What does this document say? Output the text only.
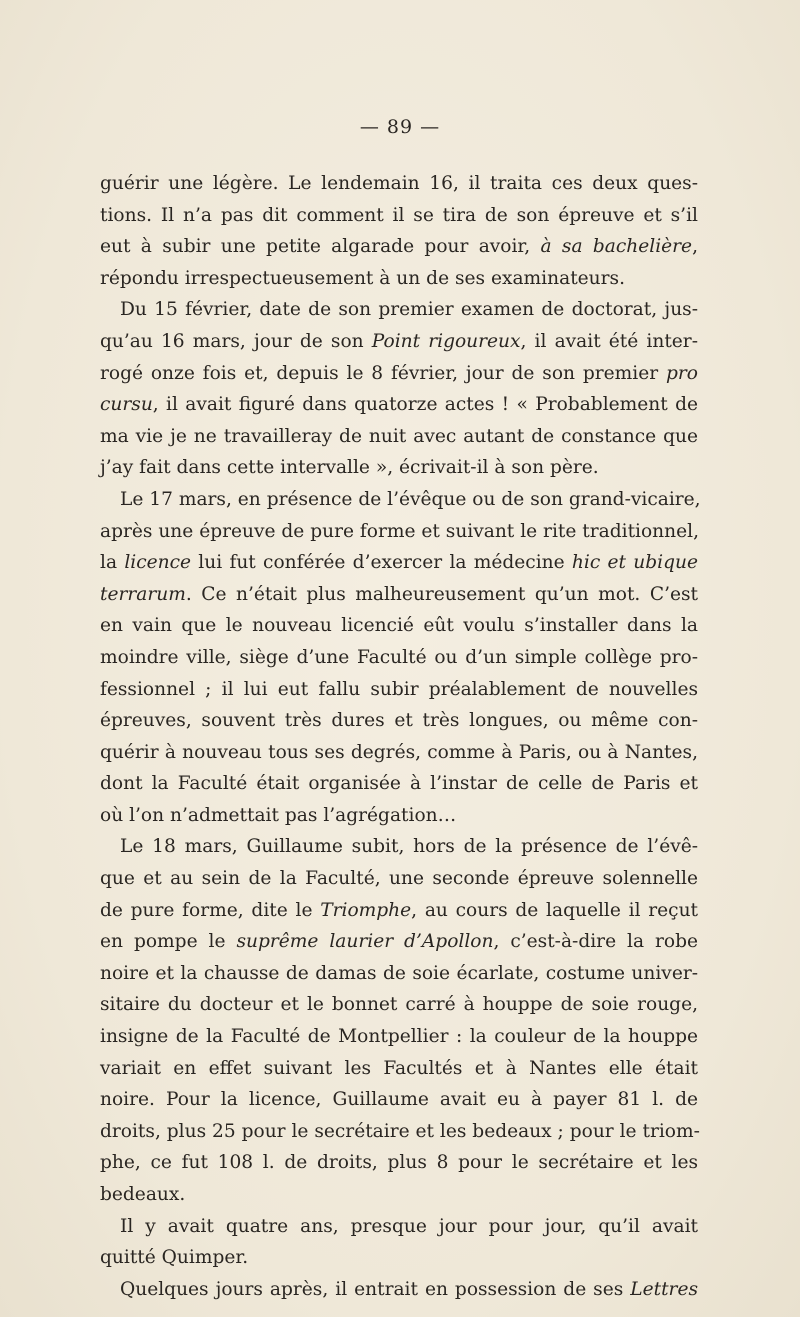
— 89 —
guérir une légère. Le lendemain 16, il traita ces deux ques-
tions. Il n’a pas dit comment il se tira de son épreuve et s’il
eut à subir une petite algarade pour avoir, à sa bachelière,
répondu irrespectueusement à un de ses examinateurs.
Du 15 février, date de son premier examen de doctorat, jus-
qu’au 16 mars, jour de son Point rigoureux, il avait été inter-
rogé onze fois et, depuis le 8 février, jour de son premier pro
cursu, il avait figuré dans quatorze actes ! « Probablement de
ma vie je ne travailleray de nuit avec autant de constance que
j’ay fait dans cette intervalle », écrivait-il à son père.
Le 17 mars, en présence de l’évêque ou de son grand-vicaire,
après une épreuve de pure forme et suivant le rite traditionnel,
la licence lui fut conférée d’exercer la médecine hic et ubique
terrarum. Ce n’était plus malheureusement qu’un mot. C’est
en vain que le nouveau licencié eût voulu s’installer dans la
moindre ville, siège d’une Faculté ou d’un simple collège pro-
fessionnel ; il lui eut fallu subir préalablement de nouvelles
épreuves, souvent très dures et très longues, ou même con-
quérir à nouveau tous ses degrés, comme à Paris, ou à Nantes,
dont la Faculté était organisée à l’instar de celle de Paris et
où l’on n’admettait pas l’agrégation…
Le 18 mars, Guillaume subit, hors de la présence de l’évê-
que et au sein de la Faculté, une seconde épreuve solennelle
de pure forme, dite le Triomphe, au cours de laquelle il reçut
en pompe le suprême laurier d’Apollon, c’est-à-dire la robe
noire et la chausse de damas de soie écarlate, costume univer-
sitaire du docteur et le bonnet carré à houppe de soie rouge,
insigne de la Faculté de Montpellier : la couleur de la houppe
variait en effet suivant les Facultés et à Nantes elle était
noire. Pour la licence, Guillaume avait eu à payer 81 l. de
droits, plus 25 pour le secrétaire et les bedeaux ; pour le triom-
phe, ce fut 108 l. de droits, plus 8 pour le secrétaire et les
bedeaux.
Il y avait quatre ans, presque jour pour jour, qu’il avait
quitté Quimper.
Quelques jours après, il entrait en possession de ses Lettres
